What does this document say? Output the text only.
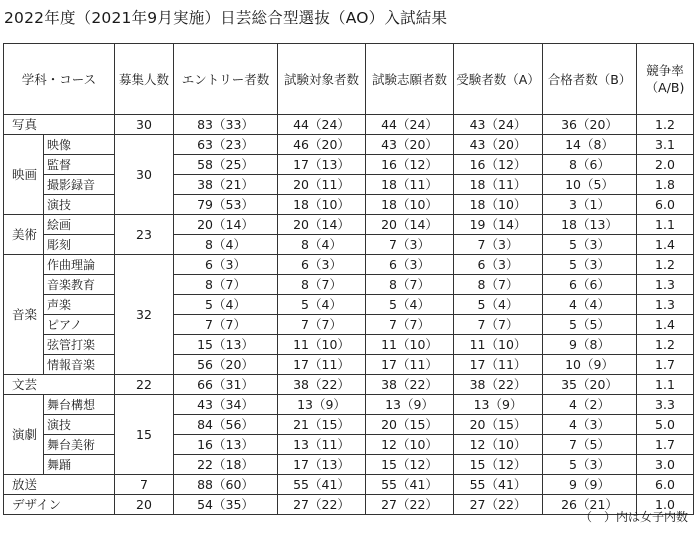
2022年度（2021年9月実施）日芸総合型選抜（AO）入試結果
学科・コース		募集人数	エントリー者数	試験対象者数	試験志願者数	受験者数（A）	合格者数（B）	競争率
（A/B)
写真		30	83（33）	44（24）	44（24）	43（24）	36（20）	1.2
映画	映像	30	63（23）	46（20）	43（20）	43（20）	14（8）	3.1
	監督		58（25）	17（13）	16（12）	16（12）	8（6）	2.0
	撮影録音		38（21）	20（11）	18（11）	18（11）	10（5）	1.8
	演技		79（53）	18（10）	18（10）	18（10）	3（1）	6.0
美術	絵画	23	20（14）	20（14）	20（14）	19（14）	18（13）	1.1
	彫刻		8（4）	8（4）	7（3）	7（3）	5（3）	1.4
音楽	作曲理論	32	6（3）	6（3）	6（3）	6（3）	5（3）	1.2
	音楽教育		8（7）	8（7）	8（7）	8（7）	6（6）	1.3
	声楽		5（4）	5（4）	5（4）	5（4）	4（4）	1.3
	ピアノ		7（7）	7（7）	7（7）	7（7）	5（5）	1.4
	弦管打楽		15（13）	11（10）	11（10）	11（10）	9（8）	1.2
	情報音楽		56（20）	17（11）	17（11）	17（11）	10（9）	1.7
文芸		22	66（31）	38（22）	38（22）	38（22）	35（20）	1.1
演劇	舞台構想	15	43（34）	13（9）	13（9）	13（9）	4（2）	3.3
	演技		84（56）	21（15）	20（15）	20（15）	4（3）	5.0
	舞台美術		16（13）	13（11）	12（10）	12（10）	7（5）	1.7
	舞踊		22（18）	17（13）	15（12）	15（12）	5（3）	3.0
放送		7	88（60）	55（41）	55（41）	55（41）	9（9）	6.0
デザイン		20	54（35）	27（22）	27（22）	27（22）	26（21）	1.0
（　）内は女子内数
